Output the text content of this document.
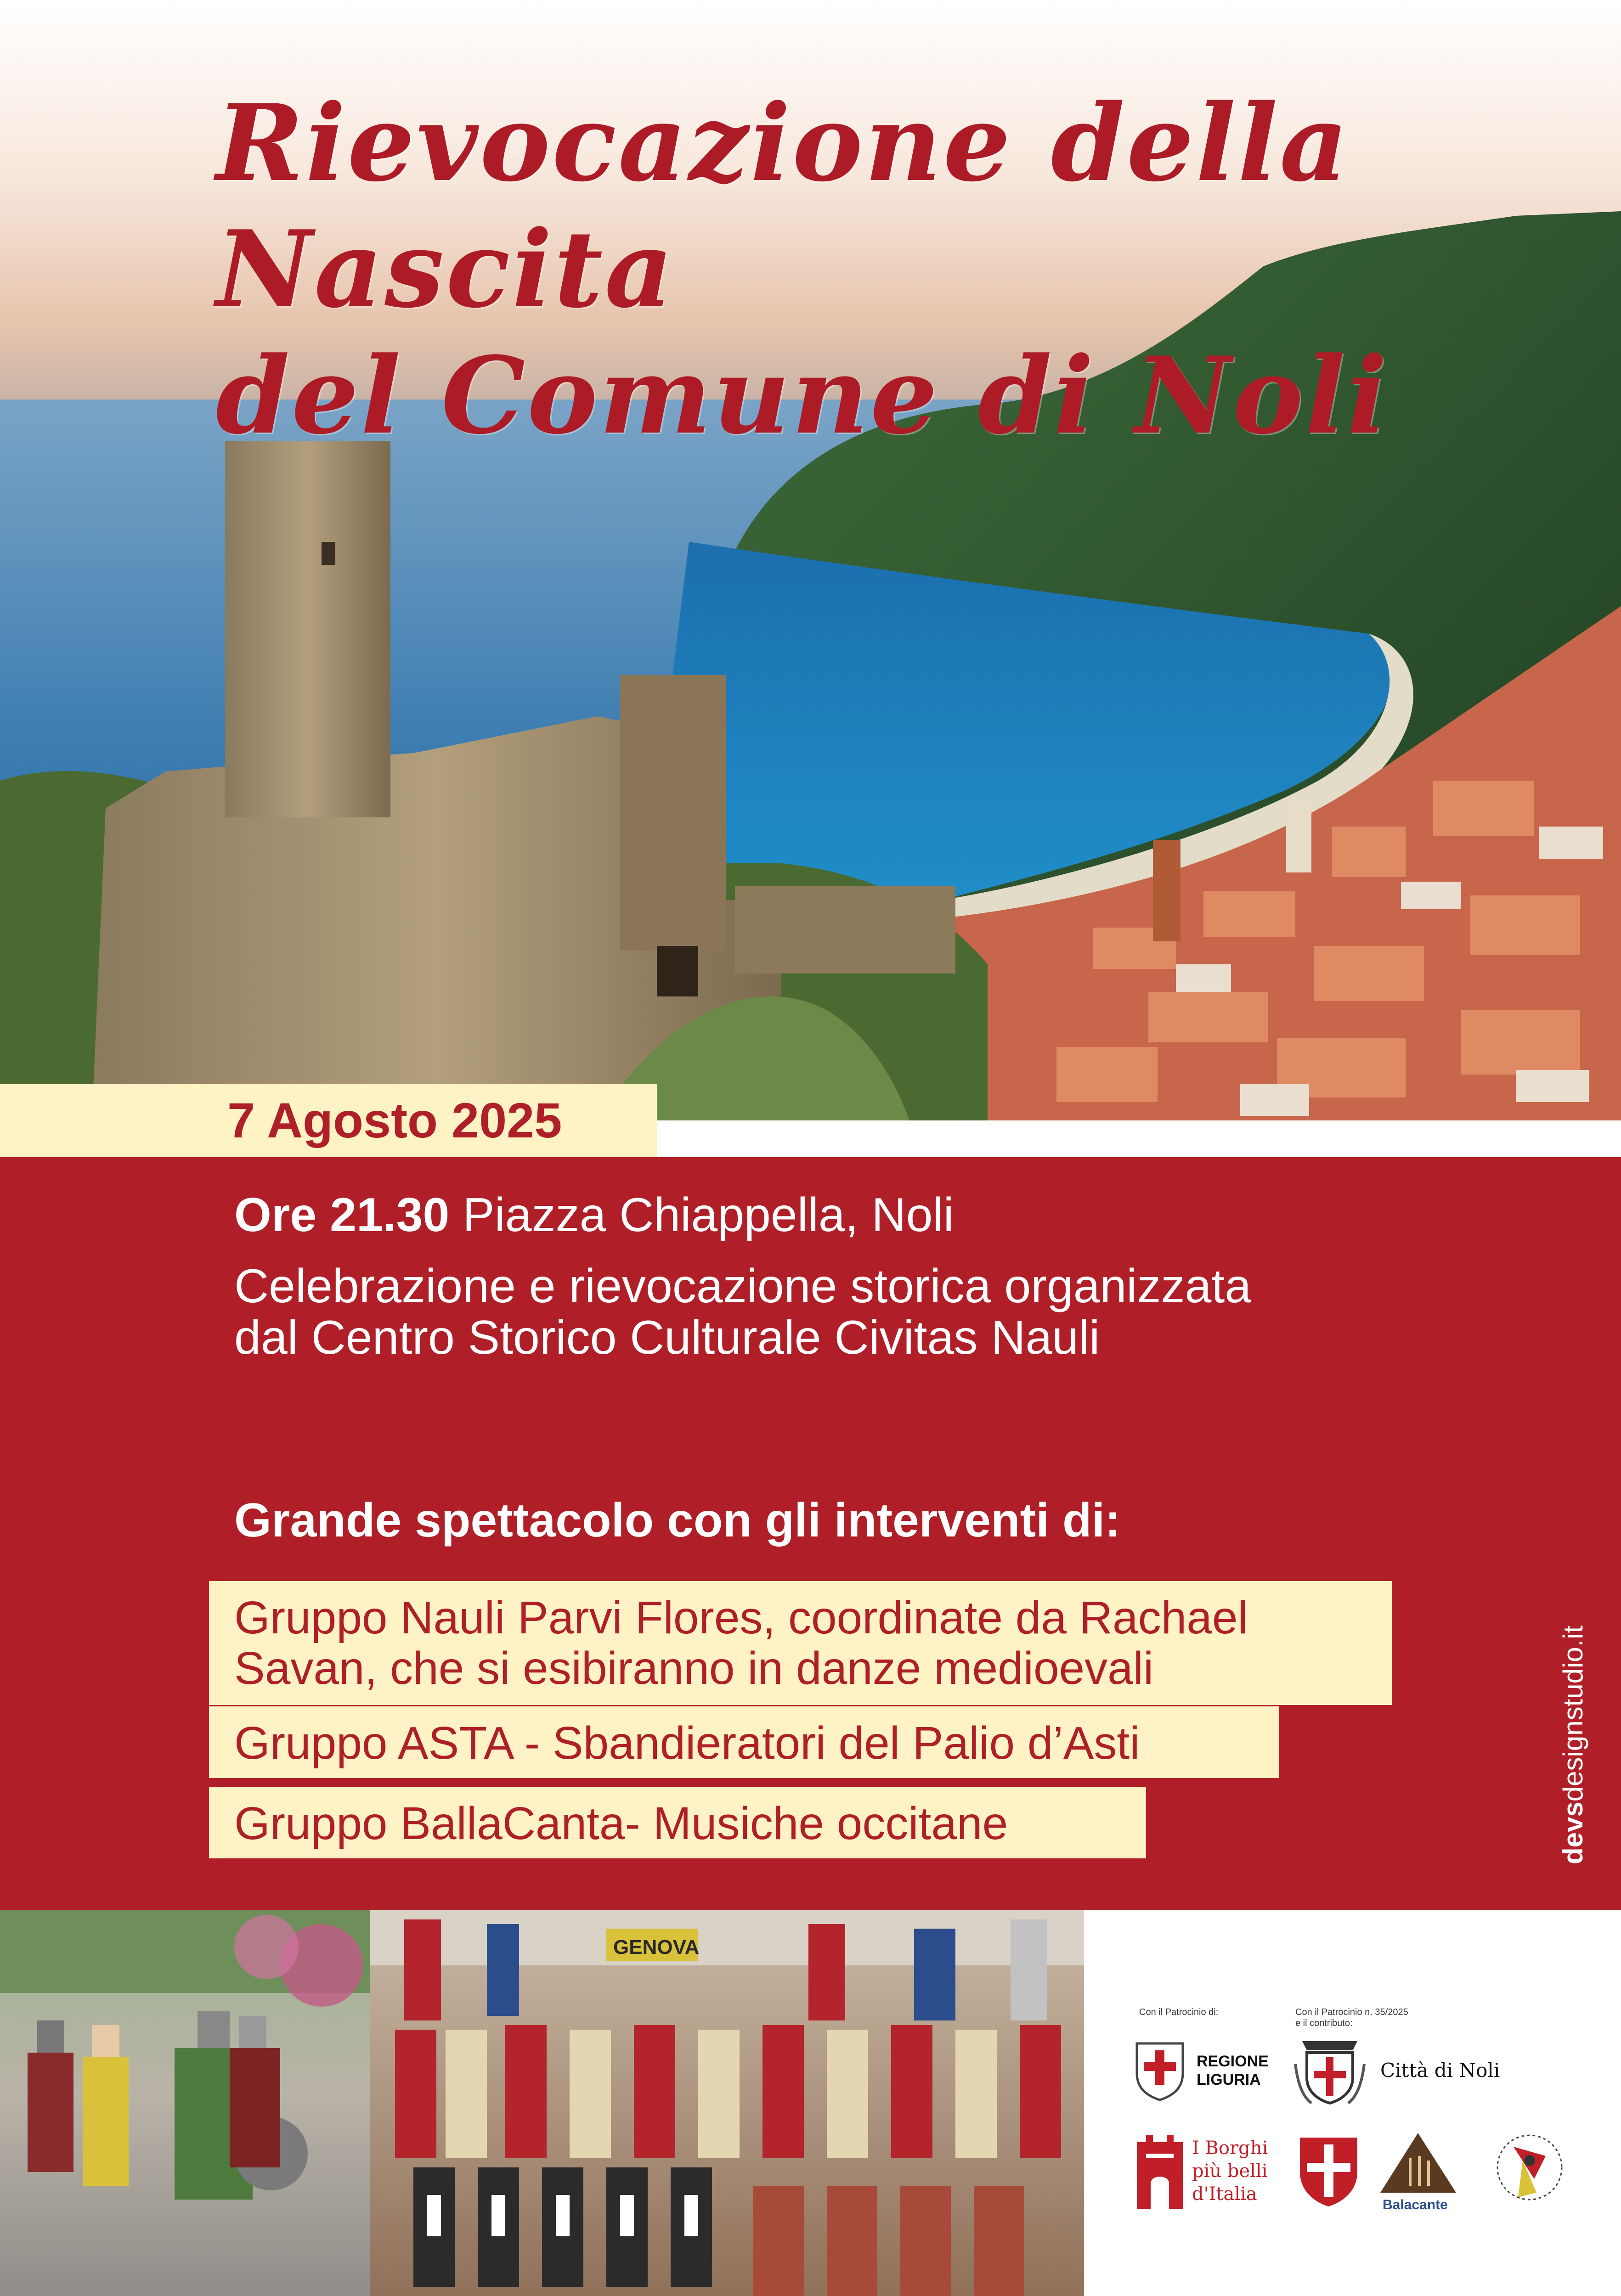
Rievocazione della Nascita
del Comune di Noli
7 Agosto 2025

Ore 21.30 Piazza Chiappella, Noli

Celebrazione e rievocazione storica organizzata dal Centro Storico Culturale Civitas Nauli

Grande spettacolo con gli interventi di:

Gruppo Nauli Parvi Flores, coordinate da Rachael Savan, che si esibiranno in danze medioevali
Gruppo ASTA - Sbandieratori del Palio d’Asti
Gruppo BallaCanta- Musiche occitane	devsdesignstudio.it
GENOVA

Con il Patrocinio di:	Con il Patrocinio n. 35/2025

e il contributo:

REGIONE

LIGURIA	Città di Noli

I Borghi

più belli

d'Italia

Balacante
